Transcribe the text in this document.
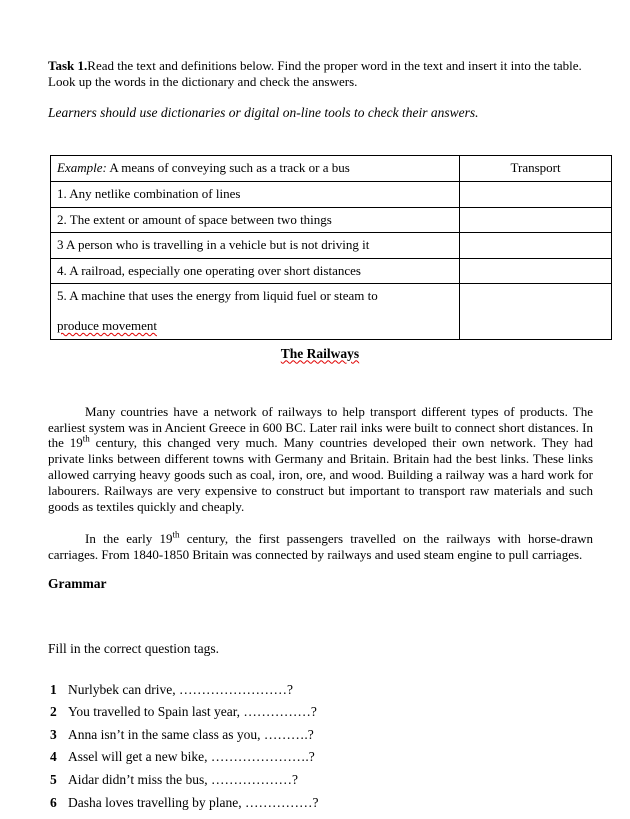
Task 1.Read the text and definitions below. Find the proper word in the text and insert it into the table. Look up the words in the dictionary and check the answers.

Learners should use dictionaries or digital on-line tools to check their answers.

Example: A means of conveying such as a track or a bus	Transport
1. Any netlike combination of lines	
2. The extent or amount of space between two things	
3 A person who is travelling in a vehicle but is not driving it	
4. A railroad, especially one operating over short distances	
5. A machine that uses the energy from liquid fuel or steam to
produce movement	
The Railways

Many countries have a network of railways to help transport different types of products. The earliest system was in Ancient Greece in 600 BC. Later rail inks were built to connect short distances. In the 19th century, this changed very much. Many countries developed their own network. They had private links between different towns with Germany and Britain. Britain had the best links. These links allowed carrying heavy goods such as coal, iron, ore, and wood. Building a railway was a hard work for labourers. Railways are very expensive to construct but important to transport raw materials and such goods as textiles quickly and cheaply.

In the early 19th century, the first passengers travelled on the railways with horse-drawn carriages. From 1840-1850 Britain was connected by railways and used steam engine to pull carriages.

Grammar

Fill in the correct question tags.

1 Nurlybek can drive, ……………………?
2 You travelled to Spain last year, ……………?
3 Anna isn’t in the same class as you, ……….?
4 Assel will get a new bike, ………………….?
5 Aidar didn’t miss the bus, ………………?
6 Dasha loves travelling by plane, ……………?
